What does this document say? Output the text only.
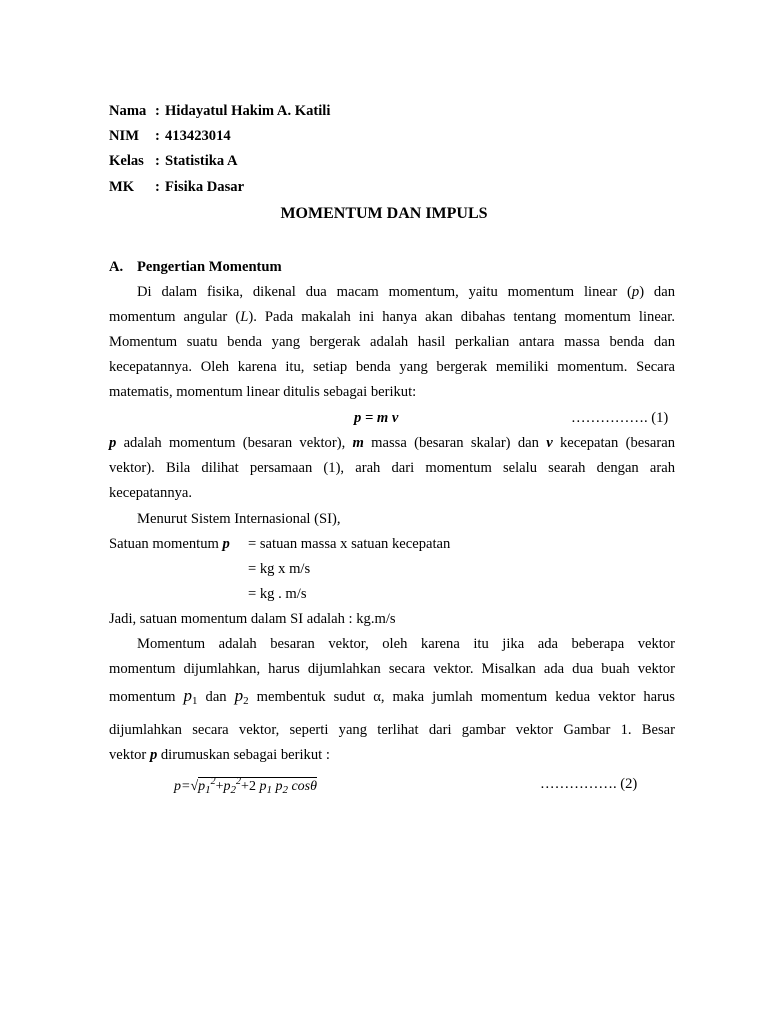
Nama : Hidayatul Hakim A. Katili
NIM : 413423014
Kelas : Statistika A
MK : Fisika Dasar
MOMENTUM DAN IMPULS
A. Pengertian Momentum
Di dalam fisika, dikenal dua macam momentum, yaitu momentum linear (p) dan
momentum angular (L). Pada makalah ini hanya akan dibahas tentang momentum linear.
Momentum suatu benda yang bergerak adalah hasil perkalian antara massa benda dan
kecepatannya. Oleh karena itu, setiap benda yang bergerak memiliki momentum. Secara
matematis, momentum linear ditulis sebagai berikut:
p = m v	……………. (1)
p adalah momentum (besaran vektor), m massa (besaran skalar) dan v kecepatan (besaran
vektor). Bila dilihat persamaan (1), arah dari momentum selalu searah dengan arah
kecepatannya.
Menurut Sistem Internasional (SI),
Satuan momentum p = satuan massa x satuan kecepatan
= kg x m/s
= kg . m/s
Jadi, satuan momentum dalam SI adalah : kg.m/s
Momentum adalah besaran vektor, oleh karena itu jika ada beberapa vektor
momentum dijumlahkan, harus dijumlahkan secara vektor. Misalkan ada dua buah vektor
momentum $p_1$ dan $p_2$ membentuk sudut α, maka jumlah momentum kedua vektor harus
dijumlahkan secara vektor, seperti yang terlihat dari gambar vektor Gambar 1. Besar
vektor p dirumuskan sebagai berikut :
$p=√p_1^2+p_2^2+2$ $p_1$ $p_2$ cosθ	……………. (2)
